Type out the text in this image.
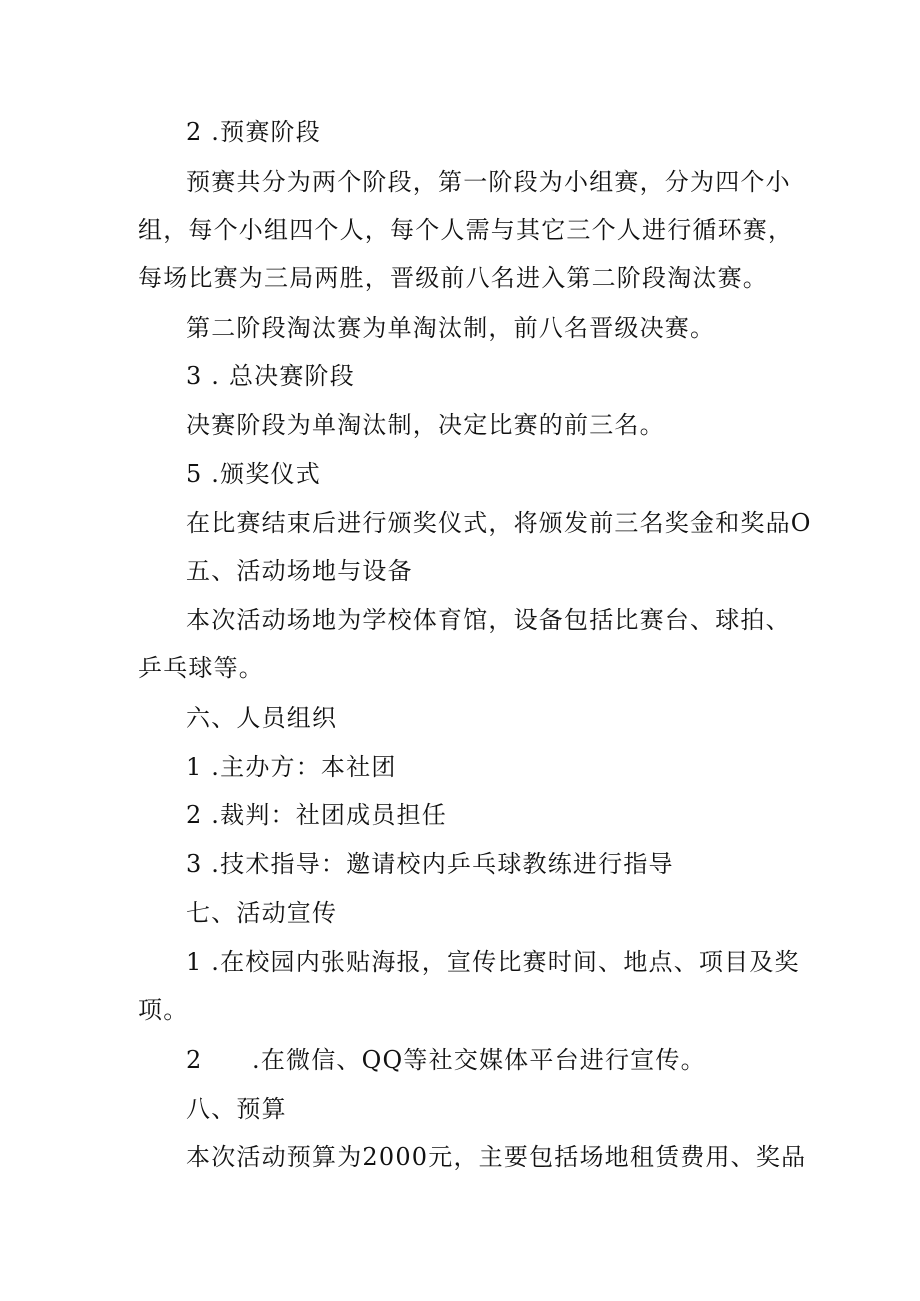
2 .预赛阶段
预赛共分为两个阶段，第一阶段为小组赛，分为四个小
组，每个小组四个人，每个人需与其它三个人进行循环赛，
每场比赛为三局两胜，晋级前八名进入第二阶段淘汰赛。
第二阶段淘汰赛为单淘汰制，前八名晋级决赛。
3 . 总决赛阶段
决赛阶段为单淘汰制，决定比赛的前三名。
5 .颁奖仪式
在比赛结束后进行颁奖仪式，将颁发前三名奖金和奖品O
五、活动场地与设备
本次活动场地为学校体育馆，设备包括比赛台、球拍、
乒乓球等。
六、人员组织
1 .主办方：本社团
2 .裁判：社团成员担任
3 .技术指导：邀请校内乒乓球教练进行指导
七、活动宣传
1 .在校园内张贴海报，宣传比赛时间、地点、项目及奖
项。
2 .在微信、QQ等社交媒体平台进行宣传。
八、预算
本次活动预算为2000元，主要包括场地租赁费用、奖品
